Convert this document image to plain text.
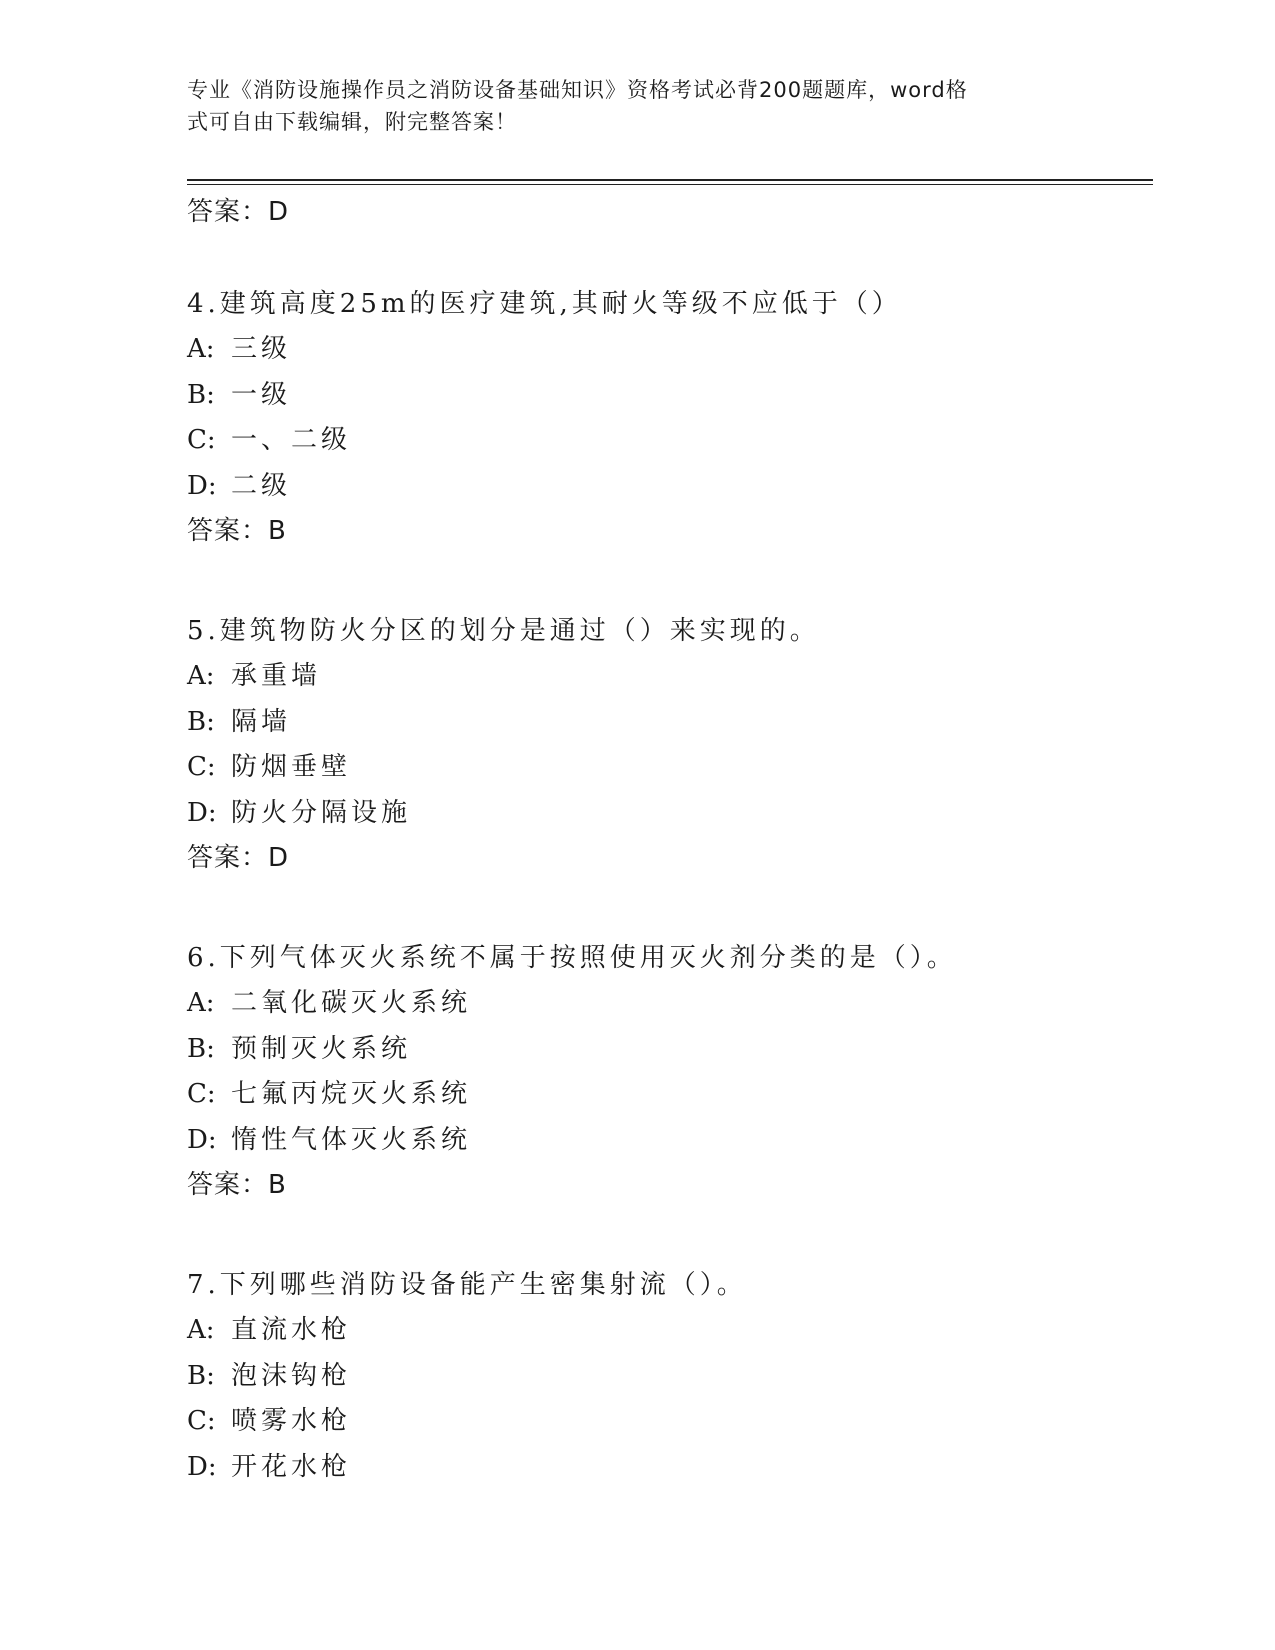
专业《消防设施操作员之消防设备基础知识》资格考试必背200题题库，word格
式可自由下载编辑，附完整答案！
答案：D
4.建筑高度25m的医疗建筑,其耐火等级不应低于（）
A: 三级
B: 一级
C: 一、二级
D: 二级
答案：B
5.建筑物防火分区的划分是通过（）来实现的。
A: 承重墙
B: 隔墙
C: 防烟垂壁
D: 防火分隔设施
答案：D
6.下列气体灭火系统不属于按照使用灭火剂分类的是（）。
A: 二氧化碳灭火系统
B: 预制灭火系统
C: 七氟丙烷灭火系统
D: 惰性气体灭火系统
答案：B
7.下列哪些消防设备能产生密集射流（）。
A: 直流水枪
B: 泡沫钩枪
C: 喷雾水枪
D: 开花水枪
